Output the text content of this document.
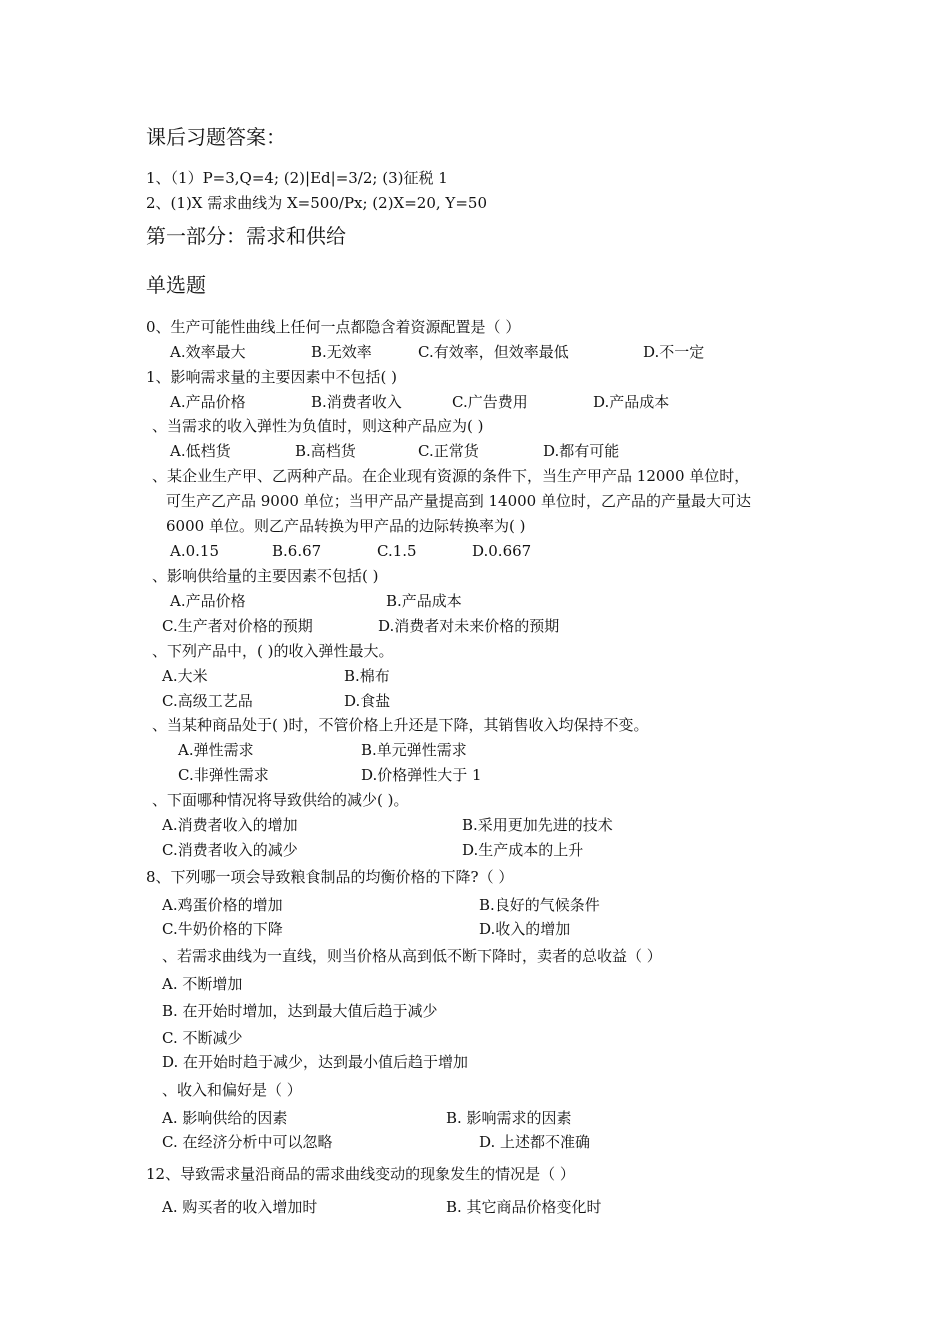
课后习题答案：
1、（1）P=3,Q=4; (2)|Ed|=3/2; (3)征税 1
2、(1)X 需求曲线为 X=500/Px; (2)X=20, Y=50
第一部分：需求和供给
单选题
0、生产可能性曲线上任何一点都隐含着资源配置是（ ）
A.效率最大	B.无效率	C.有效率，但效率最低	D.不一定
1、影响需求量的主要因素中不包括( )
A.产品价格	B.消费者收入	C.广告费用	D.产品成本
、当需求的收入弹性为负值时，则这种产品应为( )
A.低档货	B.高档货	C.正常货	D.都有可能
、某企业生产甲、乙两种产品。在企业现有资源的条件下，当生产甲产品 12000 单位时，
可生产乙产品 9000 单位；当甲产品产量提高到 14000 单位时，乙产品的产量最大可达
6000 单位。则乙产品转换为甲产品的边际转换率为( )
A.0.15	B.6.67	C.1.5	D.0.667
、影响供给量的主要因素不包括( )
A.产品价格	B.产品成本
C.生产者对价格的预期	D.消费者对未来价格的预期
、下列产品中，( )的收入弹性最大。
A.大米	B.棉布
C.高级工艺品	D.食盐
、当某种商品处于( )时，不管价格上升还是下降，其销售收入均保持不变。
A.弹性需求	B.单元弹性需求
C.非弹性需求	D.价格弹性大于 1
、下面哪种情况将导致供给的减少( )。
A.消费者收入的增加	B.采用更加先进的技术
C.消费者收入的减少	D.生产成本的上升
8、下列哪一项会导致粮食制品的均衡价格的下降?（ ）
A.鸡蛋价格的增加	B.良好的气候条件
C.牛奶价格的下降	D.收入的增加
、若需求曲线为一直线，则当价格从高到低不断下降时，卖者的总收益（ ）
A. 不断增加
B. 在开始时增加，达到最大值后趋于减少
C. 不断减少
D. 在开始时趋于减少，达到最小值后趋于增加
、收入和偏好是（ ）
A. 影响供给的因素	B. 影响需求的因素
C. 在经济分析中可以忽略	D. 上述都不准确
12、导致需求量沿商品的需求曲线变动的现象发生的情况是（ ）
A. 购买者的收入增加时	B. 其它商品价格变化时
